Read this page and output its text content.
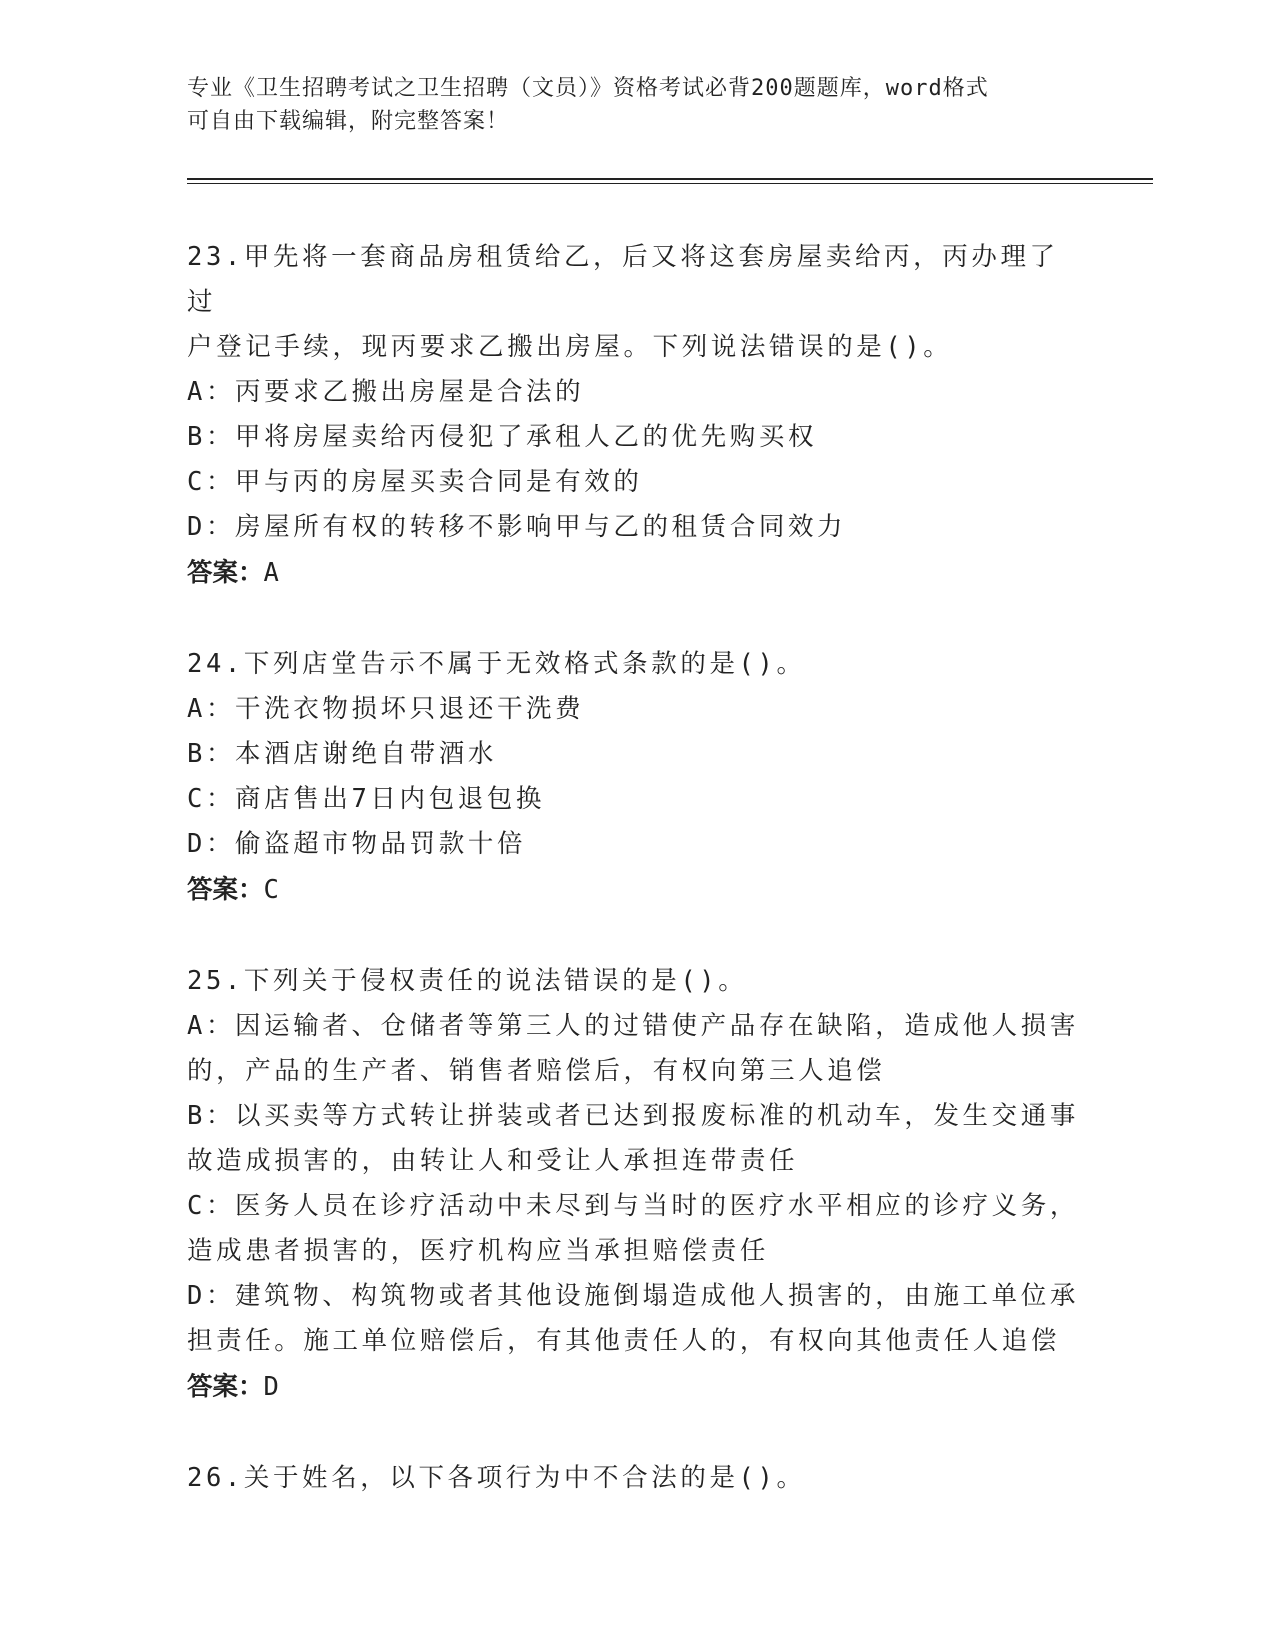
专业《卫生招聘考试之卫生招聘（文员）》资格考试必背200题题库，word格式
可自由下载编辑，附完整答案！

23.甲先将一套商品房租赁给乙，后又将这套房屋卖给丙，丙办理了过

户登记手续，现丙要求乙搬出房屋。下列说法错误的是()。

A：丙要求乙搬出房屋是合法的

B：甲将房屋卖给丙侵犯了承租人乙的优先购买权

C：甲与丙的房屋买卖合同是有效的

D：房屋所有权的转移不影响甲与乙的租赁合同效力

答案：A

24.下列店堂告示不属于无效格式条款的是()。

A：干洗衣物损坏只退还干洗费

B：本酒店谢绝自带酒水

C：商店售出7日内包退包换

D：偷盗超市物品罚款十倍

答案：C

25.下列关于侵权责任的说法错误的是()。

A：因运输者、仓储者等第三人的过错使产品存在缺陷，造成他人损害

的，产品的生产者、销售者赔偿后，有权向第三人追偿

B：以买卖等方式转让拼装或者已达到报废标准的机动车，发生交通事

故造成损害的，由转让人和受让人承担连带责任

C：医务人员在诊疗活动中未尽到与当时的医疗水平相应的诊疗义务，

造成患者损害的，医疗机构应当承担赔偿责任

D：建筑物、构筑物或者其他设施倒塌造成他人损害的，由施工单位承

担责任。施工单位赔偿后，有其他责任人的，有权向其他责任人追偿

答案：D

26.关于姓名，以下各项行为中不合法的是()。
